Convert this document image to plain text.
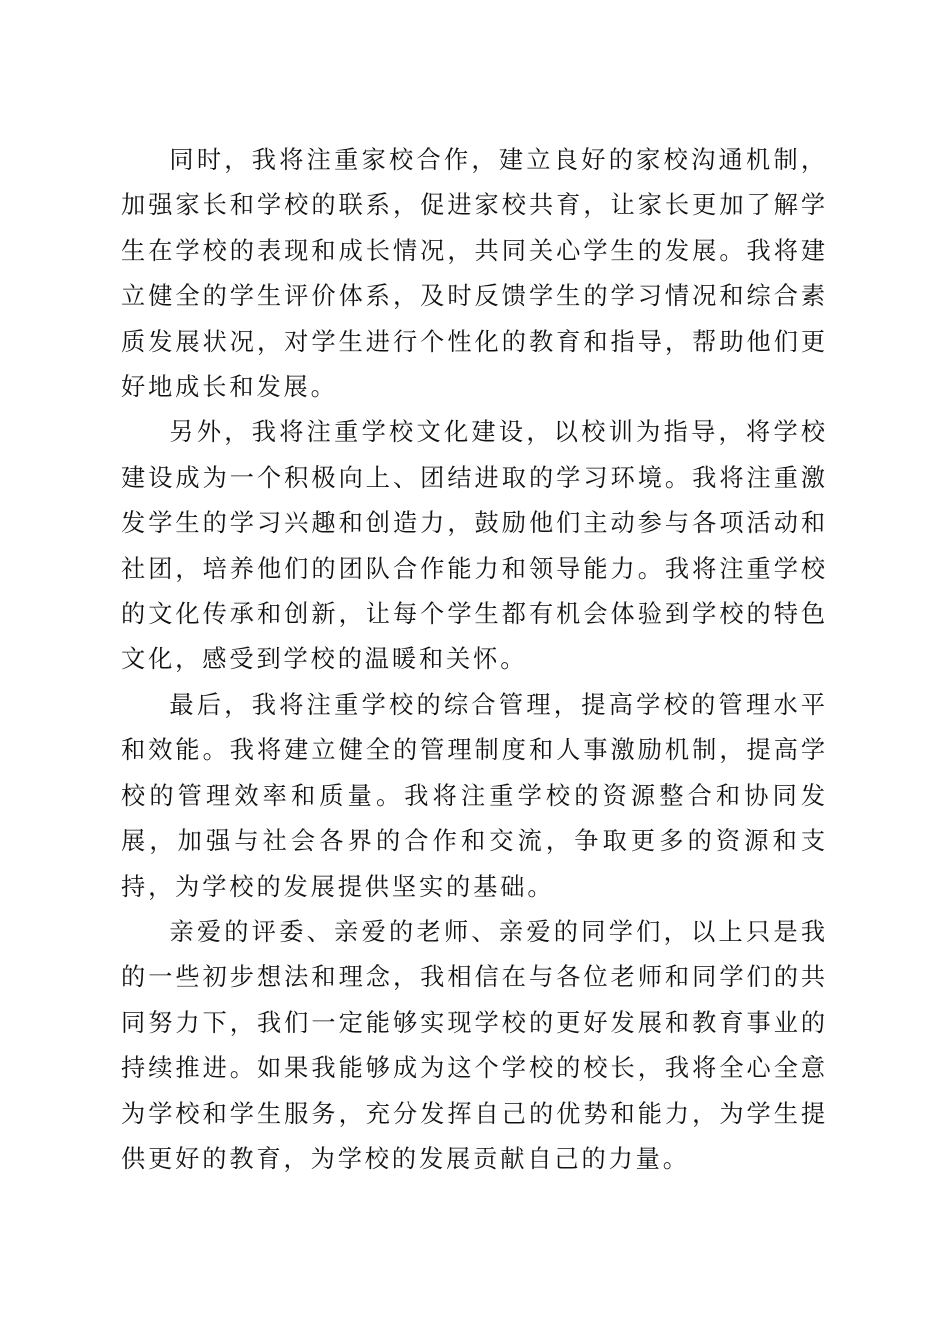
同时，我将注重家校合作，建立良好的家校沟通机制，加强家长和学校的联系，促进家校共育，让家长更加了解学生在学校的表现和成长情况，共同关心学生的发展。我将建立健全的学生评价体系，及时反馈学生的学习情况和综合素质发展状况，对学生进行个性化的教育和指导，帮助他们更好地成长和发展。

另外，我将注重学校文化建设，以校训为指导，将学校建设成为一个积极向上、团结进取的学习环境。我将注重激发学生的学习兴趣和创造力，鼓励他们主动参与各项活动和社团，培养他们的团队合作能力和领导能力。我将注重学校的文化传承和创新，让每个学生都有机会体验到学校的特色文化，感受到学校的温暖和关怀。

最后，我将注重学校的综合管理，提高学校的管理水平和效能。我将建立健全的管理制度和人事激励机制，提高学校的管理效率和质量。我将注重学校的资源整合和协同发展，加强与社会各界的合作和交流，争取更多的资源和支持，为学校的发展提供坚实的基础。

亲爱的评委、亲爱的老师、亲爱的同学们，以上只是我的一些初步想法和理念，我相信在与各位老师和同学们的共同努力下，我们一定能够实现学校的更好发展和教育事业的持续推进。如果我能够成为这个学校的校长，我将全心全意为学校和学生服务，充分发挥自己的优势和能力，为学生提供更好的教育，为学校的发展贡献自己的力量。
